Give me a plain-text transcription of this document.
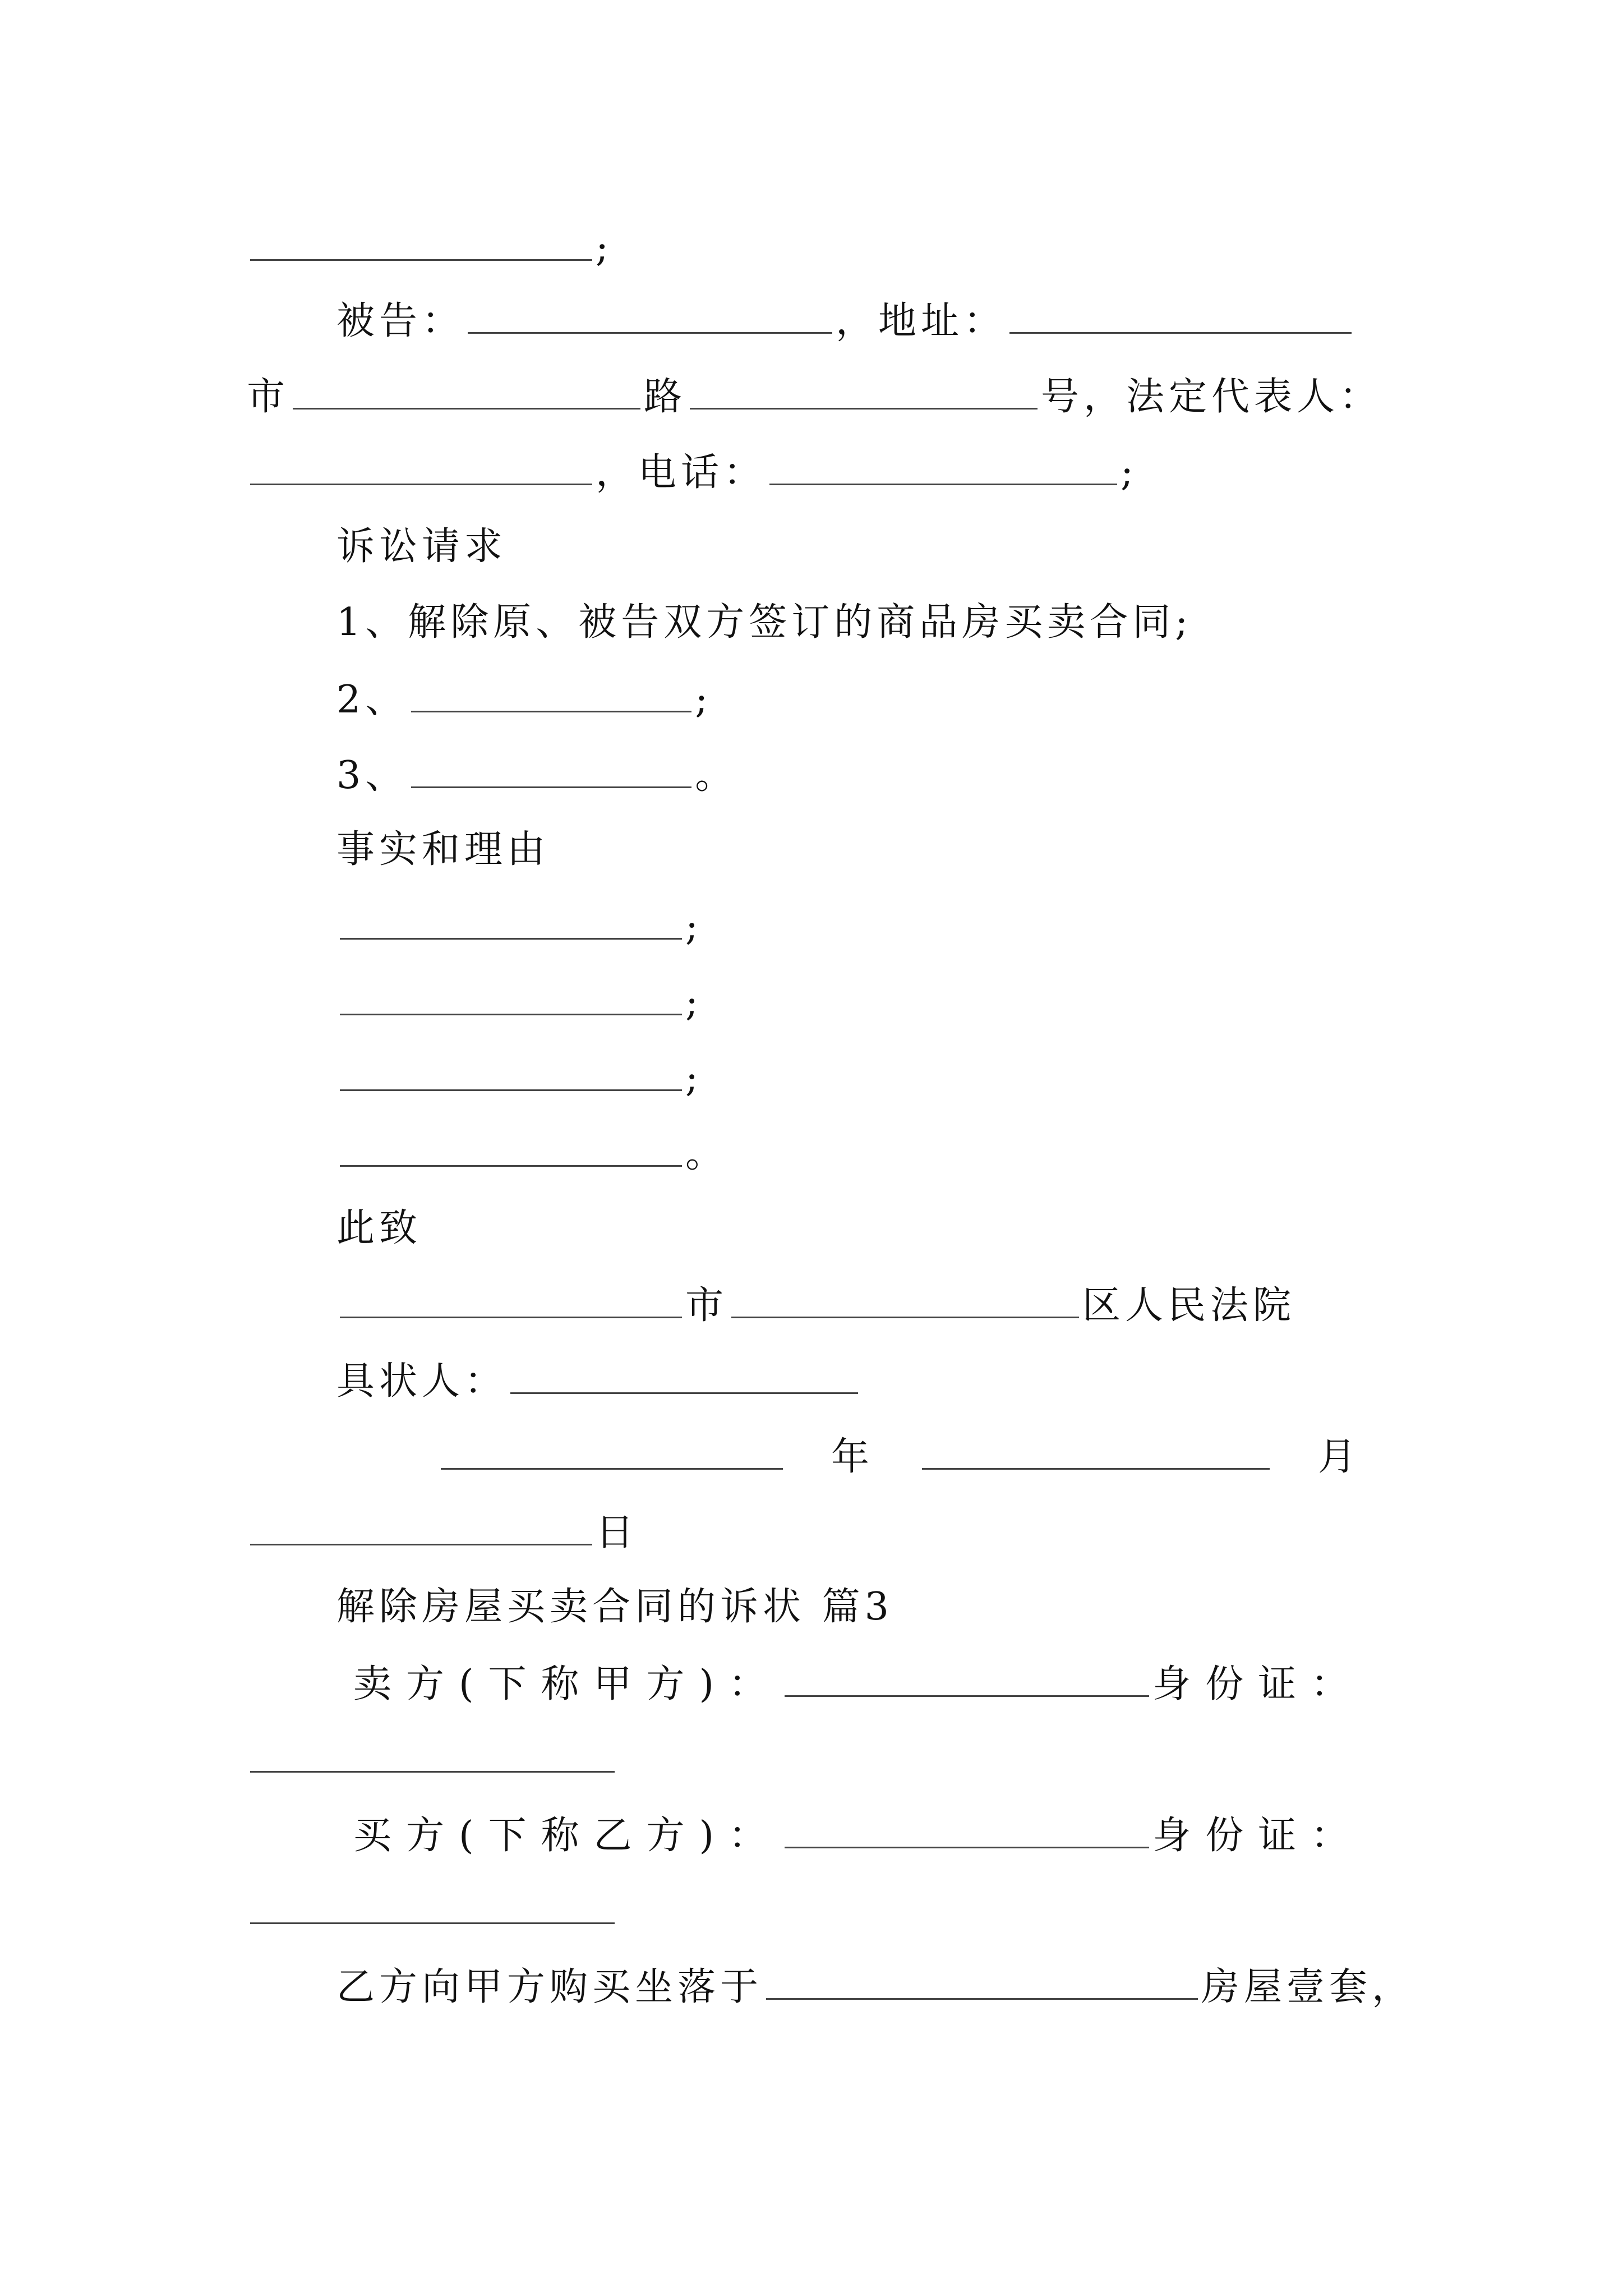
;
被告：	，地址：
市	路	号，法定代表人：
，电话：	;
诉讼请求
1、解除原、被告双方签订的商品房买卖合同;
2、	;
3、	。
事实和理由
;
;
;
。
此致
市	区人民法院
具状人：
年	月
日
解除房屋买卖合同的诉状 篇3
卖方(下称甲方)：	身份证：
买方(下称乙方)：	身份证：
乙方向甲方购买坐落于	房屋壹套，
